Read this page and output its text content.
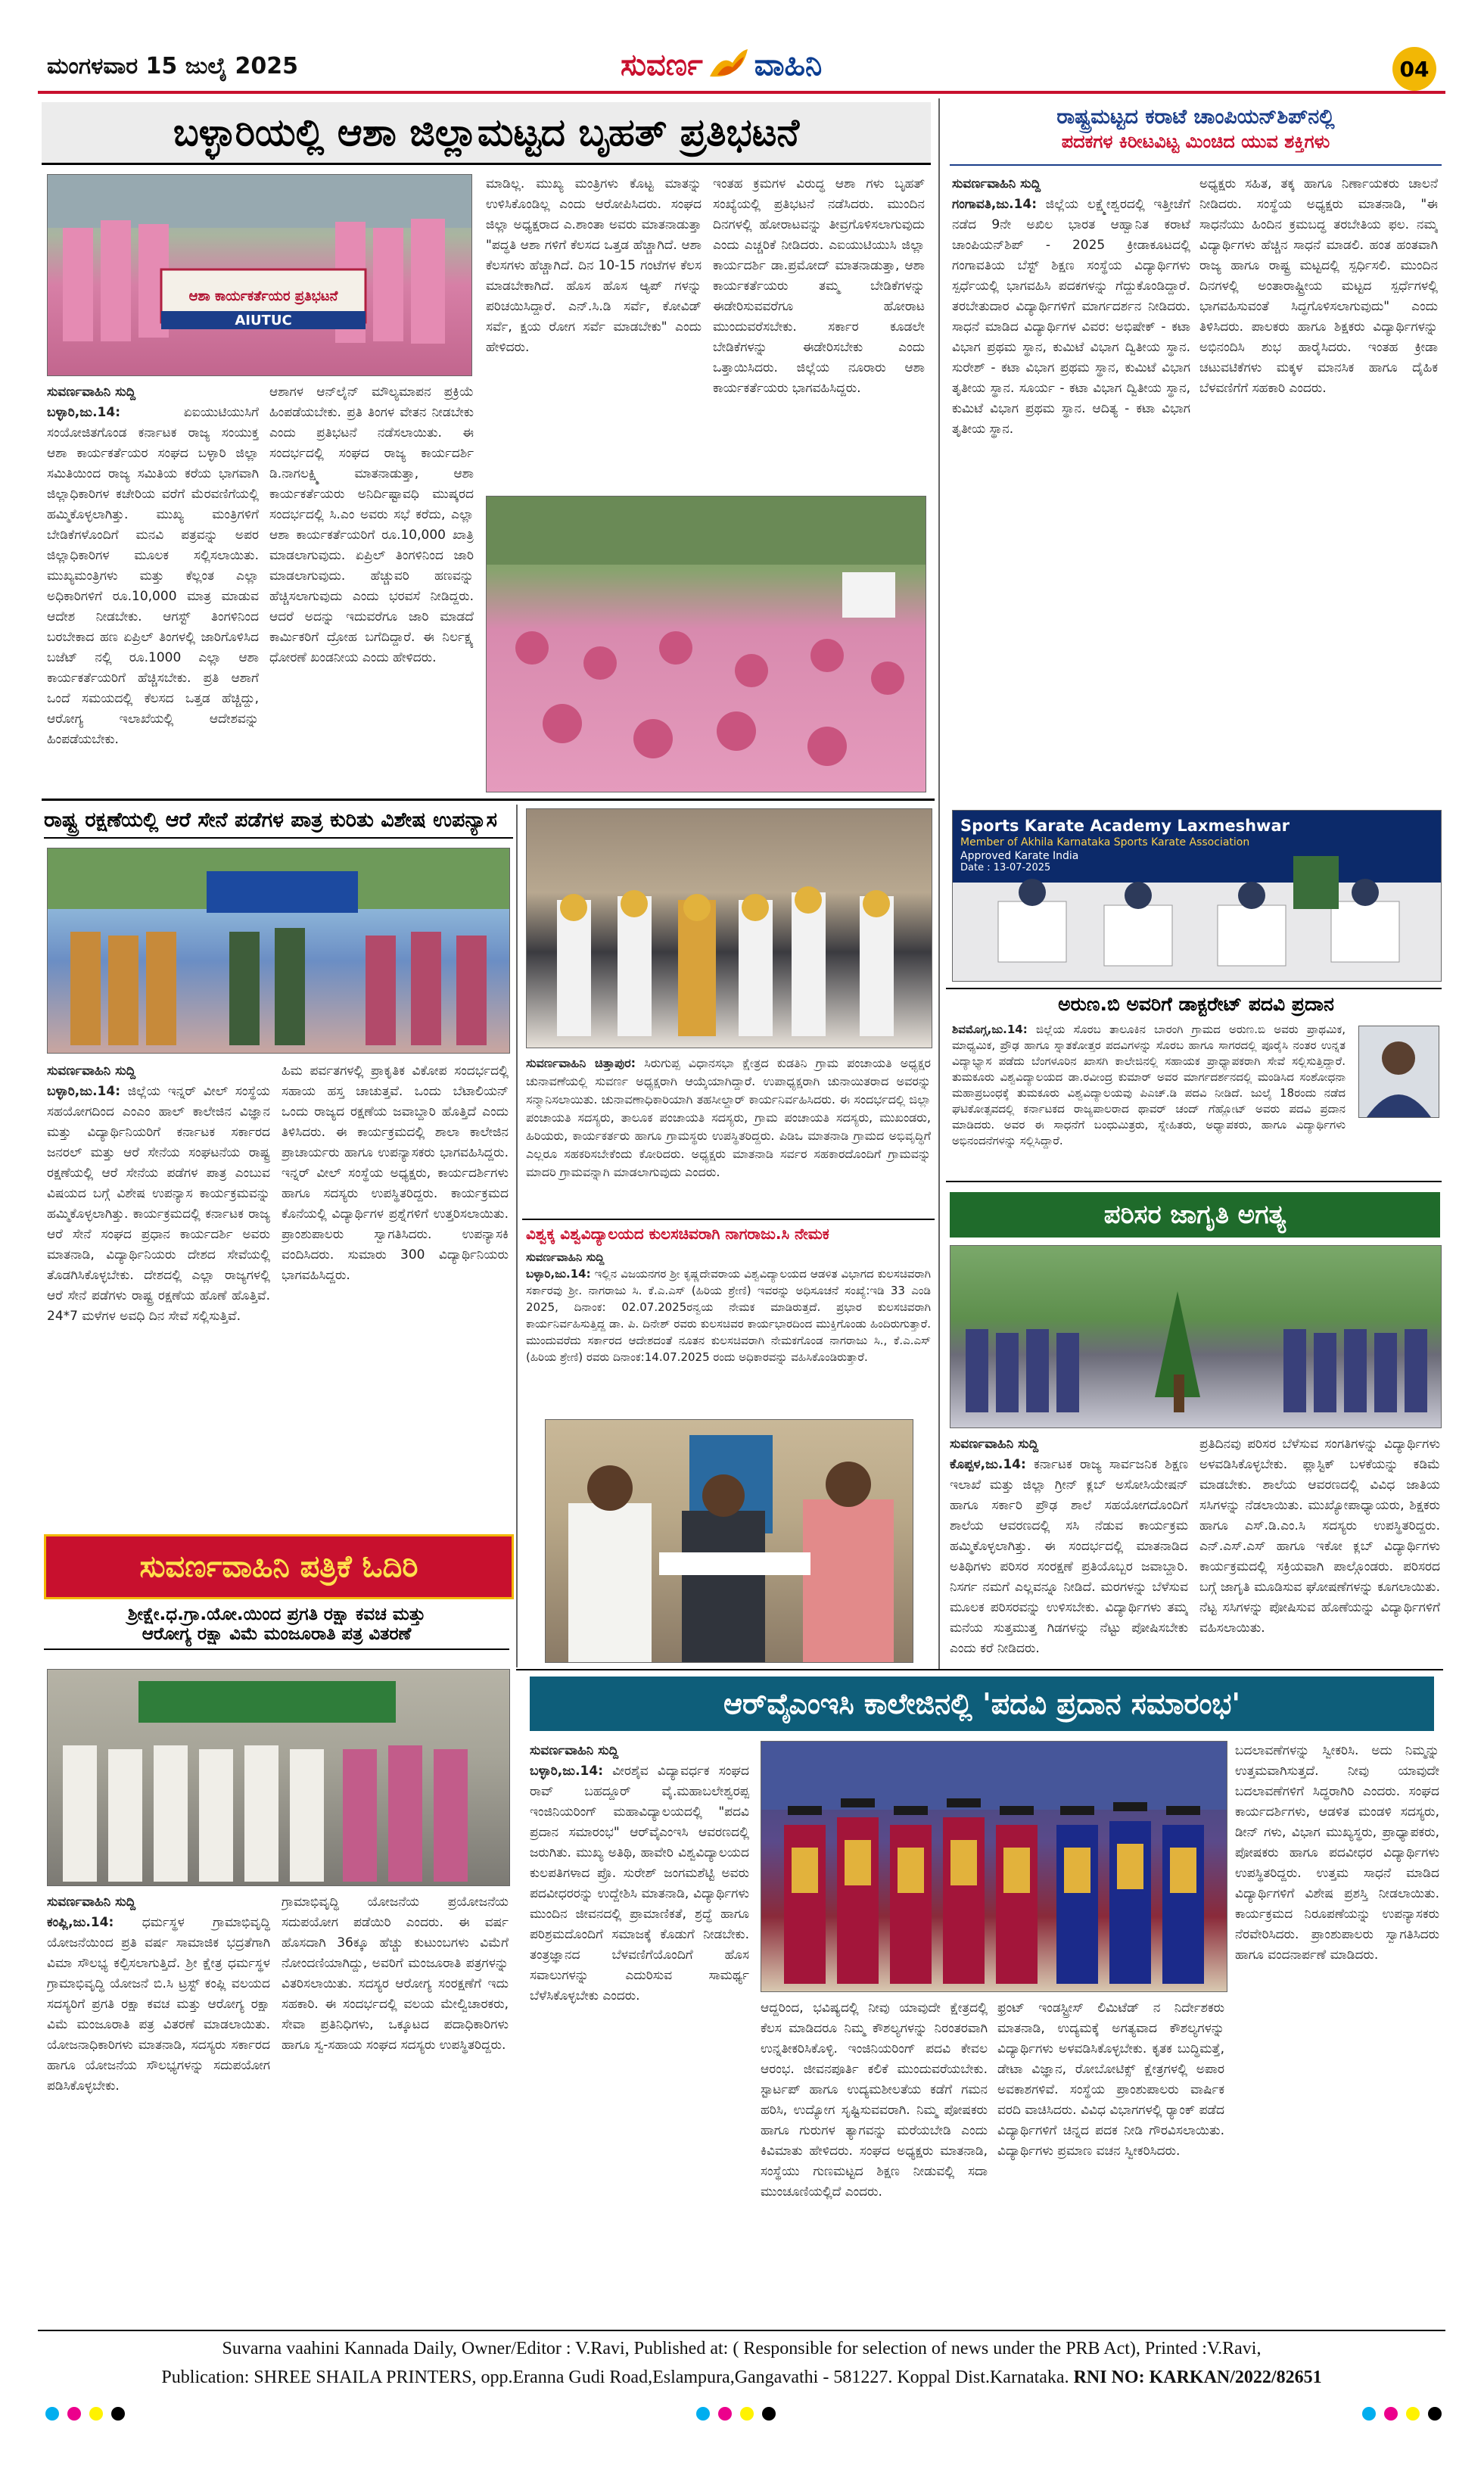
ಮಂಗಳವಾರ 15 ಜುಲೈ 2025	ಸುವರ್ಣ ವಾಹಿನಿ	04
ಬಳ್ಳಾರಿಯಲ್ಲಿ ಆಶಾ ಜಿಲ್ಲಾಮಟ್ಟದ ಬೃಹತ್ ಪ್ರತಿಭಟನೆ
ಆಶಾ ಕಾರ್ಯಕರ್ತೆಯರ ಪ್ರತಿಭಟನೆ
AIUTUC
ಸುವರ್ಣವಾಹಿನಿ ಸುದ್ದಿ
ಬಳ್ಳಾರಿ,ಜು.14:	ಏಐಯುಟಿಯುಸಿಗೆ ಸಂಯೋಜಿತಗೊಂಡ ಕರ್ನಾಟಕ ರಾಜ್ಯ ಸಂಯುಕ್ತ ಆಶಾ ಕಾರ್ಯಕರ್ತೆಯರ ಸಂಘದ ಬಳ್ಳಾರಿ ಜಿಲ್ಲಾ ಸಮಿತಿಯಿಂದ ರಾಜ್ಯ ಸಮಿತಿಯ ಕರೆಯ ಭಾಗವಾಗಿ ಜಿಲ್ಲಾಧಿಕಾರಿಗಳ ಕಚೇರಿಯ ವರೆಗೆ ಮೆರವಣಿಗೆಯಲ್ಲಿ ಹಮ್ಮಿಕೊಳ್ಳಲಾಗಿತ್ತು. ಮುಖ್ಯ ಮಂತ್ರಿಗಳಿಗೆ ಬೇಡಿಕೆಗಳೊಂದಿಗೆ ಮನವಿ ಪತ್ರವನ್ನು ಅಪರ ಜಿಲ್ಲಾಧಿಕಾರಿಗಳ ಮೂಲಕ ಸಲ್ಲಿಸಲಾಯಿತು. ಮುಖ್ಯಮಂತ್ರಿಗಳು ಮತ್ತು ಕೆಲ್ಲಂತ ಎಲ್ಲಾ ಅಧಿಕಾರಿಗಳಿಗೆ ರೂ.10,000 ಮಾತ್ರ ಮಾಡುವ ಆದೇಶ ನೀಡಬೇಕು. ಆಗಸ್ಟ್ ತಿಂಗಳಿನಿಂದ ಬರಬೇಕಾದ ಹಣ ಏಪ್ರಿಲ್ ತಿಂಗಳಲ್ಲಿ ಜಾರಿಗೊಳಿಸಿದ ಬಜೆಟ್ ನಲ್ಲಿ ರೂ.1000 ಎಲ್ಲಾ ಆಶಾ ಕಾರ್ಯಕರ್ತೆಯರಿಗೆ ಹೆಚ್ಚಿಸಬೇಕು. ಪ್ರತಿ ಆಶಾಗೆ ಒಂದೆ ಸಮಯದಲ್ಲಿ ಕೆಲಸದ ಒತ್ತಡ ಹೆಚ್ಚಿದ್ದು, ಆರೋಗ್ಯ ಇಲಾಖೆಯಲ್ಲಿ ಆದೇಶವನ್ನು ಹಿಂಪಡೆಯಬೇಕು.
ಆಶಾಗಳ ಆನ್‌ಲೈನ್ ಮೌಲ್ಯಮಾಪನ ಪ್ರಕ್ರಿಯೆ ಹಿಂಪಡೆಯಬೇಕು. ಪ್ರತಿ ತಿಂಗಳ ವೇತನ ನೀಡಬೇಕು ಎಂದು ಪ್ರತಿಭಟನೆ ನಡೆಸಲಾಯಿತು. ಈ ಸಂದರ್ಭದಲ್ಲಿ ಸಂಘದ ರಾಜ್ಯ ಕಾರ್ಯದರ್ಶಿ ಡಿ.ನಾಗಲಕ್ಷ್ಮಿ ಮಾತನಾಡುತ್ತಾ, ಆಶಾ ಕಾರ್ಯಕರ್ತೆಯರು ಅನಿರ್ದಿಷ್ಟಾವಧಿ ಮುಷ್ಕರದ ಸಂದರ್ಭದಲ್ಲಿ ಸಿ.ಎಂ ಅವರು ಸಭೆ ಕರೆದು, ಎಲ್ಲಾ ಆಶಾ ಕಾರ್ಯಕರ್ತೆಯರಿಗೆ ರೂ.10,000 ಖಾತ್ರಿ ಮಾಡಲಾಗುವುದು. ಏಪ್ರಿಲ್ ತಿಂಗಳಿನಿಂದ ಜಾರಿ ಮಾಡಲಾಗುವುದು. ಹೆಚ್ಚುವರಿ ಹಣವನ್ನು ಹೆಚ್ಚಿಸಲಾಗುವುದು ಎಂದು ಭರವಸೆ ನೀಡಿದ್ದರು. ಆದರೆ ಅದನ್ನು ಇದುವರೆಗೂ ಜಾರಿ ಮಾಡದೆ ಕಾರ್ಮಿಕರಿಗೆ ದ್ರೋಹ ಬಗೆದಿದ್ದಾರೆ. ಈ ನಿರ್ಲಕ್ಷ್ಯ ಧೋರಣೆ ಖಂಡನೀಯ ಎಂದು ಹೇಳಿದರು.
ಮಾಡಿಲ್ಲ. ಮುಖ್ಯ ಮಂತ್ರಿಗಳು ಕೊಟ್ಟ ಮಾತನ್ನು ಉಳಿಸಿಕೊಂಡಿಲ್ಲ ಎಂದು ಆರೋಪಿಸಿದರು. ಸಂಘದ ಜಿಲ್ಲಾ ಅಧ್ಯಕ್ಷರಾದ ಎ.ಶಾಂತಾ ಅವರು ಮಾತನಾಡುತ್ತಾ "ಪದ್ಧತಿ ಆಶಾ ಗಳಿಗೆ ಕೆಲಸದ ಒತ್ತಡ ಹೆಚ್ಚಾಗಿದೆ. ಆಶಾ ಕೆಲಸಗಳು ಹೆಚ್ಚಾಗಿದೆ. ದಿನ 10-15 ಗಂಟೆಗಳ ಕೆಲಸ ಮಾಡಬೇಕಾಗಿದೆ. ಹೊಸ ಹೊಸ ಆ್ಯಪ್ ಗಳನ್ನು ಪರಿಚಯಿಸಿದ್ದಾರೆ. ಎನ್.ಸಿ.ಡಿ ಸರ್ವೆ, ಕೋವಿಡ್ ಸರ್ವೆ, ಕ್ಷಯ ರೋಗ ಸರ್ವೆ ಮಾಡಬೇಕು" ಎಂದು ಹೇಳಿದರು.
ಇಂತಹ ಕ್ರಮಗಳ ವಿರುದ್ಧ ಆಶಾ ಗಳು ಬೃಹತ್ ಸಂಖ್ಯೆಯಲ್ಲಿ ಪ್ರತಿಭಟನೆ ನಡೆಸಿದರು. ಮುಂದಿನ ದಿನಗಳಲ್ಲಿ ಹೋರಾಟವನ್ನು ತೀವ್ರಗೊಳಿಸಲಾಗುವುದು ಎಂದು ಎಚ್ಚರಿಕೆ ನೀಡಿದರು. ಎಐಯುಟಿಯುಸಿ ಜಿಲ್ಲಾ ಕಾರ್ಯದರ್ಶಿ ಡಾ.ಪ್ರಮೋದ್ ಮಾತನಾಡುತ್ತಾ, ಆಶಾ ಕಾರ್ಯಕರ್ತೆಯರು ತಮ್ಮ ಬೇಡಿಕೆಗಳನ್ನು ಈಡೇರಿಸುವವರೆಗೂ ಹೋರಾಟ ಮುಂದುವರೆಸಬೇಕು. ಸರ್ಕಾರ ಕೂಡಲೇ ಬೇಡಿಕೆಗಳನ್ನು ಈಡೇರಿಸಬೇಕು ಎಂದು ಒತ್ತಾಯಿಸಿದರು. ಜಿಲ್ಲೆಯ ನೂರಾರು ಆಶಾ ಕಾರ್ಯಕರ್ತೆಯರು ಭಾಗವಹಿಸಿದ್ದರು.
ರಾಷ್ಟ್ರಮಟ್ಟದ ಕರಾಟೆ ಚಾಂಪಿಯನ್‌ಶಿಪ್‌ನಲ್ಲಿ
ಪದಕಗಳ ಕಿರೀಟವಿಟ್ಟ ಮಿಂಚಿದ ಯುವ ಶಕ್ತಿಗಳು
ಸುವರ್ಣವಾಹಿನಿ ಸುದ್ದಿ
ಗಂಗಾವತಿ,ಜು.14: ಜಿಲ್ಲೆಯ ಲಕ್ಷ್ಮೇಶ್ವರದಲ್ಲಿ ಇತ್ತೀಚೆಗೆ ನಡೆದ 9ನೇ ಅಖಿಲ ಭಾರತ ಆಹ್ವಾನಿತ ಕರಾಟೆ ಚಾಂಪಿಯನ್‌ಶಿಪ್ - 2025 ಕ್ರೀಡಾಕೂಟದಲ್ಲಿ ಗಂಗಾವತಿಯ ಬೆಸ್ಟ್ ಶಿಕ್ಷಣ ಸಂಸ್ಥೆಯ ವಿದ್ಯಾರ್ಥಿಗಳು ಸ್ಪರ್ಧೆಯಲ್ಲಿ ಭಾಗವಹಿಸಿ ಪದಕಗಳನ್ನು ಗೆದ್ದುಕೊಂಡಿದ್ದಾರೆ. ತರಬೇತುದಾರ ವಿದ್ಯಾರ್ಥಿಗಳಿಗೆ ಮಾರ್ಗದರ್ಶನ ನೀಡಿದರು. ಸಾಧನೆ ಮಾಡಿದ ವಿದ್ಯಾರ್ಥಿಗಳ ವಿವರ: ಅಭಿಷೇಕ್ - ಕಟಾ ವಿಭಾಗ ಪ್ರಥಮ ಸ್ಥಾನ, ಕುಮಿಟೆ ವಿಭಾಗ ದ್ವಿತೀಯ ಸ್ಥಾನ. ಸುರೇಶ್ - ಕಟಾ ವಿಭಾಗ ಪ್ರಥಮ ಸ್ಥಾನ, ಕುಮಿಟೆ ವಿಭಾಗ ತೃತೀಯ ಸ್ಥಾನ. ಸೂರ್ಯ - ಕಟಾ ವಿಭಾಗ ದ್ವಿತೀಯ ಸ್ಥಾನ, ಕುಮಿಟೆ ವಿಭಾಗ ಪ್ರಥಮ ಸ್ಥಾನ. ಆದಿತ್ಯ - ಕಟಾ ವಿಭಾಗ ತೃತೀಯ ಸ್ಥಾನ.
ಅಧ್ಯಕ್ಷರು ಸಹಿತ, ತಕ್ಕ ಹಾಗೂ ನಿರ್ಣಾಯಕರು ಚಾಲನೆ ನೀಡಿದರು. ಸಂಸ್ಥೆಯ ಅಧ್ಯಕ್ಷರು ಮಾತನಾಡಿ, "ಈ ಸಾಧನೆಯು ಹಿಂದಿನ ಕ್ರಮಬದ್ಧ ತರಬೇತಿಯ ಫಲ. ನಮ್ಮ ವಿದ್ಯಾರ್ಥಿಗಳು ಹೆಚ್ಚಿನ ಸಾಧನೆ ಮಾಡಲಿ. ಹಂತ ಹಂತವಾಗಿ ರಾಜ್ಯ ಹಾಗೂ ರಾಷ್ಟ್ರ ಮಟ್ಟದಲ್ಲಿ ಸ್ಪರ್ಧಿಸಲಿ. ಮುಂದಿನ ದಿನಗಳಲ್ಲಿ ಅಂತಾರಾಷ್ಟ್ರೀಯ ಮಟ್ಟದ ಸ್ಪರ್ಧೆಗಳಲ್ಲಿ ಭಾಗವಹಿಸುವಂತೆ ಸಿದ್ಧಗೊಳಿಸಲಾಗುವುದು" ಎಂದು ತಿಳಿಸಿದರು. ಪಾಲಕರು ಹಾಗೂ ಶಿಕ್ಷಕರು ವಿದ್ಯಾರ್ಥಿಗಳನ್ನು ಅಭಿನಂದಿಸಿ ಶುಭ ಹಾರೈಸಿದರು. ಇಂತಹ ಕ್ರೀಡಾ ಚಟುವಟಿಕೆಗಳು ಮಕ್ಕಳ ಮಾನಸಿಕ ಹಾಗೂ ದೈಹಿಕ ಬೆಳವಣಿಗೆಗೆ ಸಹಕಾರಿ ಎಂದರು.
Sports Karate Academy Laxmeshwar
Member of Akhila Karnataka Sports Karate Association
Approved Karate India
Date : 13-07-2025
ಅರುಣ.ಬಿ ಅವರಿಗೆ ಡಾಕ್ಟರೇಟ್ ಪದವಿ ಪ್ರದಾನ
ಶಿವಮೊಗ್ಗ,ಜು.14: ಜಿಲ್ಲೆಯ ಸೊರಬ ತಾಲೂಕಿನ ಬಾರಂಗಿ ಗ್ರಾಮದ ಅರುಣ.ಬಿ ಅವರು ಪ್ರಾಥಮಿಕ, ಮಾಧ್ಯಮಿಕ, ಪ್ರೌಢ ಹಾಗೂ ಸ್ನಾತಕೋತ್ತರ ಪದವಿಗಳನ್ನು ಸೊರಬ ಹಾಗೂ ಸಾಗರದಲ್ಲಿ ಪೂರೈಸಿ ನಂತರ ಉನ್ನತ ವಿದ್ಯಾಭ್ಯಾಸ ಪಡೆದು ಬೆಂಗಳೂರಿನ ಖಾಸಗಿ ಕಾಲೇಜಿನಲ್ಲಿ ಸಹಾಯಕ ಪ್ರಾಧ್ಯಾಪಕರಾಗಿ ಸೇವೆ ಸಲ್ಲಿಸುತ್ತಿದ್ದಾರೆ. ತುಮಕೂರು ವಿಶ್ವವಿದ್ಯಾಲಯದ ಡಾ.ರವೀಂದ್ರ ಕುಮಾರ್ ಅವರ ಮಾರ್ಗದರ್ಶನದಲ್ಲಿ ಮಂಡಿಸಿದ ಸಂಶೋಧನಾ ಮಹಾಪ್ರಬಂಧಕ್ಕೆ ತುಮಕೂರು ವಿಶ್ವವಿದ್ಯಾಲಯವು ಪಿಎಚ್.ಡಿ ಪದವಿ ನೀಡಿದೆ. ಜುಲೈ 18ರಂದು ನಡೆದ ಘಟಿಕೋತ್ಸವದಲ್ಲಿ ಕರ್ನಾಟಕದ ರಾಜ್ಯಪಾಲರಾದ ಥಾವರ್ ಚಂದ್ ಗೆಹ್ಲೋಟ್ ಅವರು ಪದವಿ ಪ್ರದಾನ ಮಾಡಿದರು. ಅವರ ಈ ಸಾಧನೆಗೆ ಬಂಧುಮಿತ್ರರು, ಸ್ನೇಹಿತರು, ಅಧ್ಯಾಪಕರು, ಹಾಗೂ ವಿದ್ಯಾರ್ಥಿಗಳು ಅಭಿನಂದನೆಗಳನ್ನು ಸಲ್ಲಿಸಿದ್ದಾರೆ.
ಪರಿಸರ ಜಾಗೃತಿ ಅಗತ್ಯ
ಸುವರ್ಣವಾಹಿನಿ ಸುದ್ದಿ
ಕೊಪ್ಪಳ,ಜು.14: ಕರ್ನಾಟಕ ರಾಜ್ಯ ಸಾರ್ವಜನಿಕ ಶಿಕ್ಷಣ ಇಲಾಖೆ ಮತ್ತು ಜಿಲ್ಲಾ ಗ್ರೀನ್ ಕ್ಲಬ್ ಅಸೋಸಿಯೇಷನ್ ಹಾಗೂ ಸರ್ಕಾರಿ ಪ್ರೌಢ ಶಾಲೆ ಸಹಯೋಗದೊಂದಿಗೆ ಶಾಲೆಯ ಆವರಣದಲ್ಲಿ ಸಸಿ ನೆಡುವ ಕಾರ್ಯಕ್ರಮ ಹಮ್ಮಿಕೊಳ್ಳಲಾಗಿತ್ತು. ಈ ಸಂದರ್ಭದಲ್ಲಿ ಮಾತನಾಡಿದ ಅತಿಥಿಗಳು ಪರಿಸರ ಸಂರಕ್ಷಣೆ ಪ್ರತಿಯೊಬ್ಬರ ಜವಾಬ್ದಾರಿ. ನಿಸರ್ಗ ನಮಗೆ ಎಲ್ಲವನ್ನೂ ನೀಡಿದೆ. ಮರಗಳನ್ನು ಬೆಳೆಸುವ ಮೂಲಕ ಪರಿಸರವನ್ನು ಉಳಿಸಬೇಕು. ವಿದ್ಯಾರ್ಥಿಗಳು ತಮ್ಮ ಮನೆಯ ಸುತ್ತಮುತ್ತ ಗಿಡಗಳನ್ನು ನೆಟ್ಟು ಪೋಷಿಸಬೇಕು ಎಂದು ಕರೆ ನೀಡಿದರು.
ಪ್ರತಿದಿನವು ಪರಿಸರ ಬೆಳೆಸುವ ಸಂಗತಿಗಳನ್ನು ವಿದ್ಯಾರ್ಥಿಗಳು ಅಳವಡಿಸಿಕೊಳ್ಳಬೇಕು. ಪ್ಲಾಸ್ಟಿಕ್ ಬಳಕೆಯನ್ನು ಕಡಿಮೆ ಮಾಡಬೇಕು. ಶಾಲೆಯ ಆವರಣದಲ್ಲಿ ವಿವಿಧ ಜಾತಿಯ ಸಸಿಗಳನ್ನು ನೆಡಲಾಯಿತು. ಮುಖ್ಯೋಪಾಧ್ಯಾಯರು, ಶಿಕ್ಷಕರು ಹಾಗೂ ಎಸ್.ಡಿ.ಎಂ.ಸಿ ಸದಸ್ಯರು ಉಪಸ್ಥಿತರಿದ್ದರು. ಎನ್.ಎಸ್.ಎಸ್ ಹಾಗೂ ಇಕೋ ಕ್ಲಬ್ ವಿದ್ಯಾರ್ಥಿಗಳು ಕಾರ್ಯಕ್ರಮದಲ್ಲಿ ಸಕ್ರಿಯವಾಗಿ ಪಾಲ್ಗೊಂಡರು. ಪರಿಸರದ ಬಗ್ಗೆ ಜಾಗೃತಿ ಮೂಡಿಸುವ ಘೋಷಣೆಗಳನ್ನು ಕೂಗಲಾಯಿತು. ನೆಟ್ಟ ಸಸಿಗಳನ್ನು ಪೋಷಿಸುವ ಹೊಣೆಯನ್ನು ವಿದ್ಯಾರ್ಥಿಗಳಿಗೆ ವಹಿಸಲಾಯಿತು.
ರಾಷ್ಟ್ರ ರಕ್ಷಣೆಯಲ್ಲಿ ಆರೆ ಸೇನೆ ಪಡೆಗಳ ಪಾತ್ರ ಕುರಿತು ವಿಶೇಷ ಉಪನ್ಯಾಸ
ಸುವರ್ಣವಾಹಿನಿ ಸುದ್ದಿ
ಬಳ್ಳಾರಿ,ಜು.14: ಜಿಲ್ಲೆಯ ಇನ್ನರ್ ವೀಲ್ ಸಂಸ್ಥೆಯ ಸಹಯೋಗದಿಂದ ಎಂಎಂ ಹಾಲ್ ಕಾಲೇಜಿನ ವಿಜ್ಞಾನ ಮತ್ತು ವಿದ್ಯಾರ್ಥಿನಿಯರಿಗೆ ಕರ್ನಾಟಕ ಸರ್ಕಾರದ ಜನರಲ್ ಮತ್ತು ಆರೆ ಸೇನೆಯ ಸಂಘಟನೆಯ ರಾಷ್ಟ್ರ ರಕ್ಷಣೆಯಲ್ಲಿ ಆರೆ ಸೇನೆಯ ಪಡೆಗಳ ಪಾತ್ರ ಎಂಬುವ ವಿಷಯದ ಬಗ್ಗೆ ವಿಶೇಷ ಉಪನ್ಯಾಸ ಕಾರ್ಯಕ್ರಮವನ್ನು ಹಮ್ಮಿಕೊಳ್ಳಲಾಗಿತ್ತು. ಕಾರ್ಯಕ್ರಮದಲ್ಲಿ ಕರ್ನಾಟಕ ರಾಜ್ಯ ಆರೆ ಸೇನೆ ಸಂಘದ ಪ್ರಧಾನ ಕಾರ್ಯದರ್ಶಿ ಅವರು ಮಾತನಾಡಿ, ವಿದ್ಯಾರ್ಥಿನಿಯರು ದೇಶದ ಸೇವೆಯಲ್ಲಿ ತೊಡಗಿಸಿಕೊಳ್ಳಬೇಕು. ದೇಶದಲ್ಲಿ ಎಲ್ಲಾ ರಾಜ್ಯಗಳಲ್ಲಿ ಆರೆ ಸೇನೆ ಪಡೆಗಳು ರಾಷ್ಟ್ರ ರಕ್ಷಣೆಯ ಹೊಣೆ ಹೊತ್ತಿವೆ. 24*7 ಮಳೆಗಳ ಅವಧಿ ದಿನ ಸೇವೆ ಸಲ್ಲಿಸುತ್ತಿವೆ.
ಹಿಮ ಪರ್ವತಗಳಲ್ಲಿ ಪ್ರಾಕೃತಿಕ ವಿಕೋಪ ಸಂದರ್ಭದಲ್ಲಿ ಸಹಾಯ ಹಸ್ತ ಚಾಚುತ್ತವೆ. ಒಂದು ಬೆಟಾಲಿಯನ್ ಒಂದು ರಾಜ್ಯದ ರಕ್ಷಣೆಯ ಜವಾಬ್ದಾರಿ ಹೊತ್ತಿದೆ ಎಂದು ತಿಳಿಸಿದರು. ಈ ಕಾರ್ಯಕ್ರಮದಲ್ಲಿ ಶಾಲಾ ಕಾಲೇಜಿನ ಪ್ರಾಚಾರ್ಯರು ಹಾಗೂ ಉಪನ್ಯಾಸಕರು ಭಾಗವಹಿಸಿದ್ದರು. ಇನ್ನರ್ ವೀಲ್ ಸಂಸ್ಥೆಯ ಅಧ್ಯಕ್ಷರು, ಕಾರ್ಯದರ್ಶಿಗಳು ಹಾಗೂ ಸದಸ್ಯರು ಉಪಸ್ಥಿತರಿದ್ದರು. ಕಾರ್ಯಕ್ರಮದ ಕೊನೆಯಲ್ಲಿ ವಿದ್ಯಾರ್ಥಿಗಳ ಪ್ರಶ್ನೆಗಳಿಗೆ ಉತ್ತರಿಸಲಾಯಿತು. ಪ್ರಾಂಶುಪಾಲರು ಸ್ವಾಗತಿಸಿದರು. ಉಪನ್ಯಾಸಕಿ ವಂದಿಸಿದರು. ಸುಮಾರು 300 ವಿದ್ಯಾರ್ಥಿನಿಯರು ಭಾಗವಹಿಸಿದ್ದರು.
ಸುವರ್ಣವಾಹಿನಿ ಚಿತ್ತಾಪುರ: ಸಿರುಗುಪ್ಪ ವಿಧಾನಸಭಾ ಕ್ಷೇತ್ರದ ಕುಡತಿನಿ ಗ್ರಾಮ ಪಂಚಾಯತಿ ಅಧ್ಯಕ್ಷರ ಚುನಾವಣೆಯಲ್ಲಿ ಸುವರ್ಣ ಅಧ್ಯಕ್ಷರಾಗಿ ಆಯ್ಕೆಯಾಗಿದ್ದಾರೆ. ಉಪಾಧ್ಯಕ್ಷರಾಗಿ ಚುನಾಯಿತರಾದ ಅವರನ್ನು ಸನ್ಮಾನಿಸಲಾಯಿತು. ಚುನಾವಣಾಧಿಕಾರಿಯಾಗಿ ತಹಸೀಲ್ದಾರ್ ಕಾರ್ಯನಿರ್ವಹಿಸಿದರು. ಈ ಸಂದರ್ಭದಲ್ಲಿ ಜಿಲ್ಲಾ ಪಂಚಾಯತಿ ಸದಸ್ಯರು, ತಾಲೂಕ ಪಂಚಾಯತಿ ಸದಸ್ಯರು, ಗ್ರಾಮ ಪಂಚಾಯತಿ ಸದಸ್ಯರು, ಮುಖಂಡರು, ಹಿರಿಯರು, ಕಾರ್ಯಕರ್ತರು ಹಾಗೂ ಗ್ರಾಮಸ್ಥರು ಉಪಸ್ಥಿತರಿದ್ದರು. ಪಿಡಿಒ ಮಾತನಾಡಿ ಗ್ರಾಮದ ಅಭಿವೃದ್ಧಿಗೆ ಎಲ್ಲರೂ ಸಹಕರಿಸಬೇಕೆಂದು ಕೋರಿದರು. ಅಧ್ಯಕ್ಷರು ಮಾತನಾಡಿ ಸರ್ವರ ಸಹಕಾರದೊಂದಿಗೆ ಗ್ರಾಮವನ್ನು ಮಾದರಿ ಗ್ರಾಮವನ್ನಾಗಿ ಮಾಡಲಾಗುವುದು ಎಂದರು.
ವಿಶ್ವಕ್ಕ ವಿಶ್ವವಿದ್ಯಾಲಯದ ಕುಲಸಚಿವರಾಗಿ ನಾಗರಾಜು.ಸಿ ನೇಮಕ
ಸುವರ್ಣವಾಹಿನಿ ಸುದ್ದಿ
ಬಳ್ಳಾರಿ,ಜು.14: ಇಲ್ಲಿನ ವಿಜಯನಗರ ಶ್ರೀ ಕೃಷ್ಣದೇವರಾಯ ವಿಶ್ವವಿದ್ಯಾಲಯದ ಆಡಳಿತ ವಿಭಾಗದ ಕುಲಸಚಿವರಾಗಿ ಸರ್ಕಾರವು ಶ್ರೀ. ನಾಗರಾಜು ಸಿ. ಕೆ.ಎ.ಎಸ್ (ಹಿರಿಯ ಶ್ರೇಣಿ) ಇವರನ್ನು ಅಧಿಸೂಚನೆ ಸಂಖ್ಯೆ:ಇಡಿ 33 ಎಂಡಿ 2025, ದಿನಾಂಕ: 02.07.2025ರನ್ವಯ ನೇಮಕ ಮಾಡಿರುತ್ತದೆ. ಪ್ರಭಾರ ಕುಲಸಚಿವರಾಗಿ ಕಾರ್ಯನಿರ್ವಹಿಸುತ್ತಿದ್ದ ಡಾ. ಪಿ. ದಿನೇಶ್ ರವರು ಕುಲಸಚಿವರ ಕಾರ್ಯಭಾರದಿಂದ ಮುಕ್ತಿಗೊಂಡು ಹಿಂದಿರುಗುತ್ತಾರೆ. ಮುಂದುವರೆದು ಸರ್ಕಾರದ ಆದೇಶದಂತೆ ನೂತನ ಕುಲಸಚಿವರಾಗಿ ನೇಮಕಗೊಂಡ ನಾಗರಾಜು ಸಿ., ಕೆ.ಎ.ಎಸ್ (ಹಿರಿಯ ಶ್ರೇಣಿ) ರವರು ದಿನಾಂಕ:14.07.2025 ರಂದು ಅಧಿಕಾರವನ್ನು ವಹಿಸಿಕೊಂಡಿರುತ್ತಾರೆ.
ಸುವರ್ಣವಾಹಿನಿ ಪತ್ರಿಕೆ ಓದಿರಿ
ಶ್ರೀಕ್ಷೇ.ಧ.ಗ್ರಾ.ಯೋ.ಯಿಂದ ಪ್ರಗತಿ ರಕ್ಷಾ ಕವಚ ಮತ್ತು
ಆರೋಗ್ಯ ರಕ್ಷಾ ವಿಮೆ ಮಂಜೂರಾತಿ ಪತ್ರ ವಿತರಣೆ
ಸುವರ್ಣವಾಹಿನಿ ಸುದ್ದಿ
ಕಂಪ್ಲಿ,ಜು.14: ಧರ್ಮಸ್ಥಳ ಗ್ರಾಮಾಭಿವೃದ್ಧಿ ಯೋಜನೆಯಿಂದ ಪ್ರತಿ ವರ್ಷ ಸಾಮಾಜಿಕ ಭದ್ರತೆಗಾಗಿ ವಿಮಾ ಸೌಲಭ್ಯ ಕಲ್ಪಿಸಲಾಗುತ್ತಿದೆ. ಶ್ರೀ ಕ್ಷೇತ್ರ ಧರ್ಮಸ್ಥಳ ಗ್ರಾಮಾಭಿವೃದ್ಧಿ ಯೋಜನೆ ಬಿ.ಸಿ ಟ್ರಸ್ಟ್ ಕಂಪ್ಲಿ ವಲಯದ ಸದಸ್ಯರಿಗೆ ಪ್ರಗತಿ ರಕ್ಷಾ ಕವಚ ಮತ್ತು ಆರೋಗ್ಯ ರಕ್ಷಾ ವಿಮೆ ಮಂಜೂರಾತಿ ಪತ್ರ ವಿತರಣೆ ಮಾಡಲಾಯಿತು. ಯೋಜನಾಧಿಕಾರಿಗಳು ಮಾತನಾಡಿ, ಸದಸ್ಯರು ಸರ್ಕಾರದ ಹಾಗೂ ಯೋಜನೆಯ ಸೌಲಭ್ಯಗಳನ್ನು ಸದುಪಯೋಗ ಪಡಿಸಿಕೊಳ್ಳಬೇಕು.
ಗ್ರಾಮಾಭಿವೃದ್ಧಿ ಯೋಜನೆಯ ಪ್ರಯೋಜನೆಯ ಸದುಪಯೋಗ ಪಡೆಯಿರಿ ಎಂದರು. ಈ ವರ್ಷ ಹೊಸದಾಗಿ 36ಕ್ಕೂ ಹೆಚ್ಚು ಕುಟುಂಬಗಳು ವಿಮೆಗೆ ನೋಂದಣಿಯಾಗಿದ್ದು, ಅವರಿಗೆ ಮಂಜೂರಾತಿ ಪತ್ರಗಳನ್ನು ವಿತರಿಸಲಾಯಿತು. ಸದಸ್ಯರ ಆರೋಗ್ಯ ಸಂರಕ್ಷಣೆಗೆ ಇದು ಸಹಕಾರಿ. ಈ ಸಂದರ್ಭದಲ್ಲಿ ವಲಯ ಮೇಲ್ವಿಚಾರಕರು, ಸೇವಾ ಪ್ರತಿನಿಧಿಗಳು, ಒಕ್ಕೂಟದ ಪದಾಧಿಕಾರಿಗಳು ಹಾಗೂ ಸ್ವ-ಸಹಾಯ ಸಂಘದ ಸದಸ್ಯರು ಉಪಸ್ಥಿತರಿದ್ದರು.
ಆರ್‌ವೈಎಂಇಸಿ ಕಾಲೇಜಿನಲ್ಲಿ 'ಪದವಿ ಪ್ರದಾನ ಸಮಾರಂಭ'
ಸುವರ್ಣವಾಹಿನಿ ಸುದ್ದಿ
ಬಳ್ಳಾರಿ,ಜು.14: ವೀರಶೈವ ವಿದ್ಯಾವರ್ಧಕ ಸಂಘದ ರಾವ್ ಬಹದ್ದೂರ್ ವೈ.ಮಹಾಬಲೇಶ್ವರಪ್ಪ ಇಂಜಿನಿಯರಿಂಗ್ ಮಹಾವಿದ್ಯಾಲಯದಲ್ಲಿ "ಪದವಿ ಪ್ರದಾನ ಸಮಾರಂಭ" ಆರ್‌ವೈಎಂಇಸಿ ಆವರಣದಲ್ಲಿ ಜರುಗಿತು. ಮುಖ್ಯ ಅತಿಥಿ, ಹಾವೇರಿ ವಿಶ್ವವಿದ್ಯಾಲಯದ ಕುಲಪತಿಗಳಾದ ಪ್ರೊ. ಸುರೇಶ್ ಜಂಗಮಶೆಟ್ಟಿ ಅವರು ಪದವೀಧರರನ್ನು ಉದ್ದೇಶಿಸಿ ಮಾತನಾಡಿ, ವಿದ್ಯಾರ್ಥಿಗಳು ಮುಂದಿನ ಜೀವನದಲ್ಲಿ ಪ್ರಾಮಾಣಿಕತೆ, ಶ್ರದ್ಧೆ ಹಾಗೂ ಪರಿಶ್ರಮದೊಂದಿಗೆ ಸಮಾಜಕ್ಕೆ ಕೊಡುಗೆ ನೀಡಬೇಕು. ತಂತ್ರಜ್ಞಾನದ ಬೆಳವಣಿಗೆಯೊಂದಿಗೆ ಹೊಸ ಸವಾಲುಗಳನ್ನು ಎದುರಿಸುವ ಸಾಮರ್ಥ್ಯ ಬೆಳೆಸಿಕೊಳ್ಳಬೇಕು ಎಂದರು.
ಆದ್ದರಿಂದ, ಭವಿಷ್ಯದಲ್ಲಿ ನೀವು ಯಾವುದೇ ಕ್ಷೇತ್ರದಲ್ಲಿ ಕೆಲಸ ಮಾಡಿದರೂ ನಿಮ್ಮ ಕೌಶಲ್ಯಗಳನ್ನು ನಿರಂತರವಾಗಿ ಉನ್ನತೀಕರಿಸಿಕೊಳ್ಳಿ. ಇಂಜಿನಿಯರಿಂಗ್ ಪದವಿ ಕೇವಲ ಆರಂಭ. ಜೀವನಪೂರ್ತಿ ಕಲಿಕೆ ಮುಂದುವರೆಯಬೇಕು. ಸ್ಟಾರ್ಟಪ್ ಹಾಗೂ ಉದ್ಯಮಶೀಲತೆಯ ಕಡೆಗೆ ಗಮನ ಹರಿಸಿ, ಉದ್ಯೋಗ ಸೃಷ್ಟಿಸುವವರಾಗಿ. ನಿಮ್ಮ ಪೋಷಕರು ಹಾಗೂ ಗುರುಗಳ ತ್ಯಾಗವನ್ನು ಮರೆಯಬೇಡಿ ಎಂದು ಕಿವಿಮಾತು ಹೇಳಿದರು. ಸಂಘದ ಅಧ್ಯಕ್ಷರು ಮಾತನಾಡಿ, ಸಂಸ್ಥೆಯು ಗುಣಮಟ್ಟದ ಶಿಕ್ಷಣ ನೀಡುವಲ್ಲಿ ಸದಾ ಮುಂಚೂಣಿಯಲ್ಲಿದೆ ಎಂದರು.
ಫ್ರಂಟ್ ಇಂಡಸ್ಟ್ರೀಸ್ ಲಿಮಿಟೆಡ್ ನ ನಿರ್ದೇಶಕರು ಮಾತನಾಡಿ, ಉದ್ಯಮಕ್ಕೆ ಅಗತ್ಯವಾದ ಕೌಶಲ್ಯಗಳನ್ನು ವಿದ್ಯಾರ್ಥಿಗಳು ಅಳವಡಿಸಿಕೊಳ್ಳಬೇಕು. ಕೃತಕ ಬುದ್ಧಿಮತ್ತೆ, ಡೇಟಾ ವಿಜ್ಞಾನ, ರೋಬೋಟಿಕ್ಸ್ ಕ್ಷೇತ್ರಗಳಲ್ಲಿ ಅಪಾರ ಅವಕಾಶಗಳಿವೆ. ಸಂಸ್ಥೆಯ ಪ್ರಾಂಶುಪಾಲರು ವಾರ್ಷಿಕ ವರದಿ ವಾಚಿಸಿದರು. ವಿವಿಧ ವಿಭಾಗಗಳಲ್ಲಿ ರ‍್ಯಾಂಕ್ ಪಡೆದ ವಿದ್ಯಾರ್ಥಿಗಳಿಗೆ ಚಿನ್ನದ ಪದಕ ನೀಡಿ ಗೌರವಿಸಲಾಯಿತು. ವಿದ್ಯಾರ್ಥಿಗಳು ಪ್ರಮಾಣ ವಚನ ಸ್ವೀಕರಿಸಿದರು.
ಬದಲಾವಣೆಗಳನ್ನು ಸ್ವೀಕರಿಸಿ. ಅದು ನಿಮ್ಮನ್ನು ಉತ್ತಮವಾಗಿಸುತ್ತದೆ. ನೀವು ಯಾವುದೇ ಬದಲಾವಣೆಗಳಿಗೆ ಸಿದ್ಧರಾಗಿರಿ ಎಂದರು. ಸಂಘದ ಕಾರ್ಯದರ್ಶಿಗಳು, ಆಡಳಿತ ಮಂಡಳಿ ಸದಸ್ಯರು, ಡೀನ್ ಗಳು, ವಿಭಾಗ ಮುಖ್ಯಸ್ಥರು, ಪ್ರಾಧ್ಯಾಪಕರು, ಪೋಷಕರು ಹಾಗೂ ಪದವೀಧರ ವಿದ್ಯಾರ್ಥಿಗಳು ಉಪಸ್ಥಿತರಿದ್ದರು. ಉತ್ತಮ ಸಾಧನೆ ಮಾಡಿದ ವಿದ್ಯಾರ್ಥಿಗಳಿಗೆ ವಿಶೇಷ ಪ್ರಶಸ್ತಿ ನೀಡಲಾಯಿತು. ಕಾರ್ಯಕ್ರಮದ ನಿರೂಪಣೆಯನ್ನು ಉಪನ್ಯಾಸಕರು ನೆರವೇರಿಸಿದರು. ಪ್ರಾಂಶುಪಾಲರು ಸ್ವಾಗತಿಸಿದರು ಹಾಗೂ ವಂದನಾರ್ಪಣೆ ಮಾಡಿದರು.
Suvarna vaahini Kannada Daily, Owner/Editor : V.Ravi, Published at: ( Responsible for selection of news under the PRB Act), Printed :V.Ravi,
Publication: SHREE SHAILA PRINTERS, opp.Eranna Gudi Road,Eslampura,Gangavathi - 581227. Koppal Dist.Karnataka. RNI NO: KARKAN/2022/82651
